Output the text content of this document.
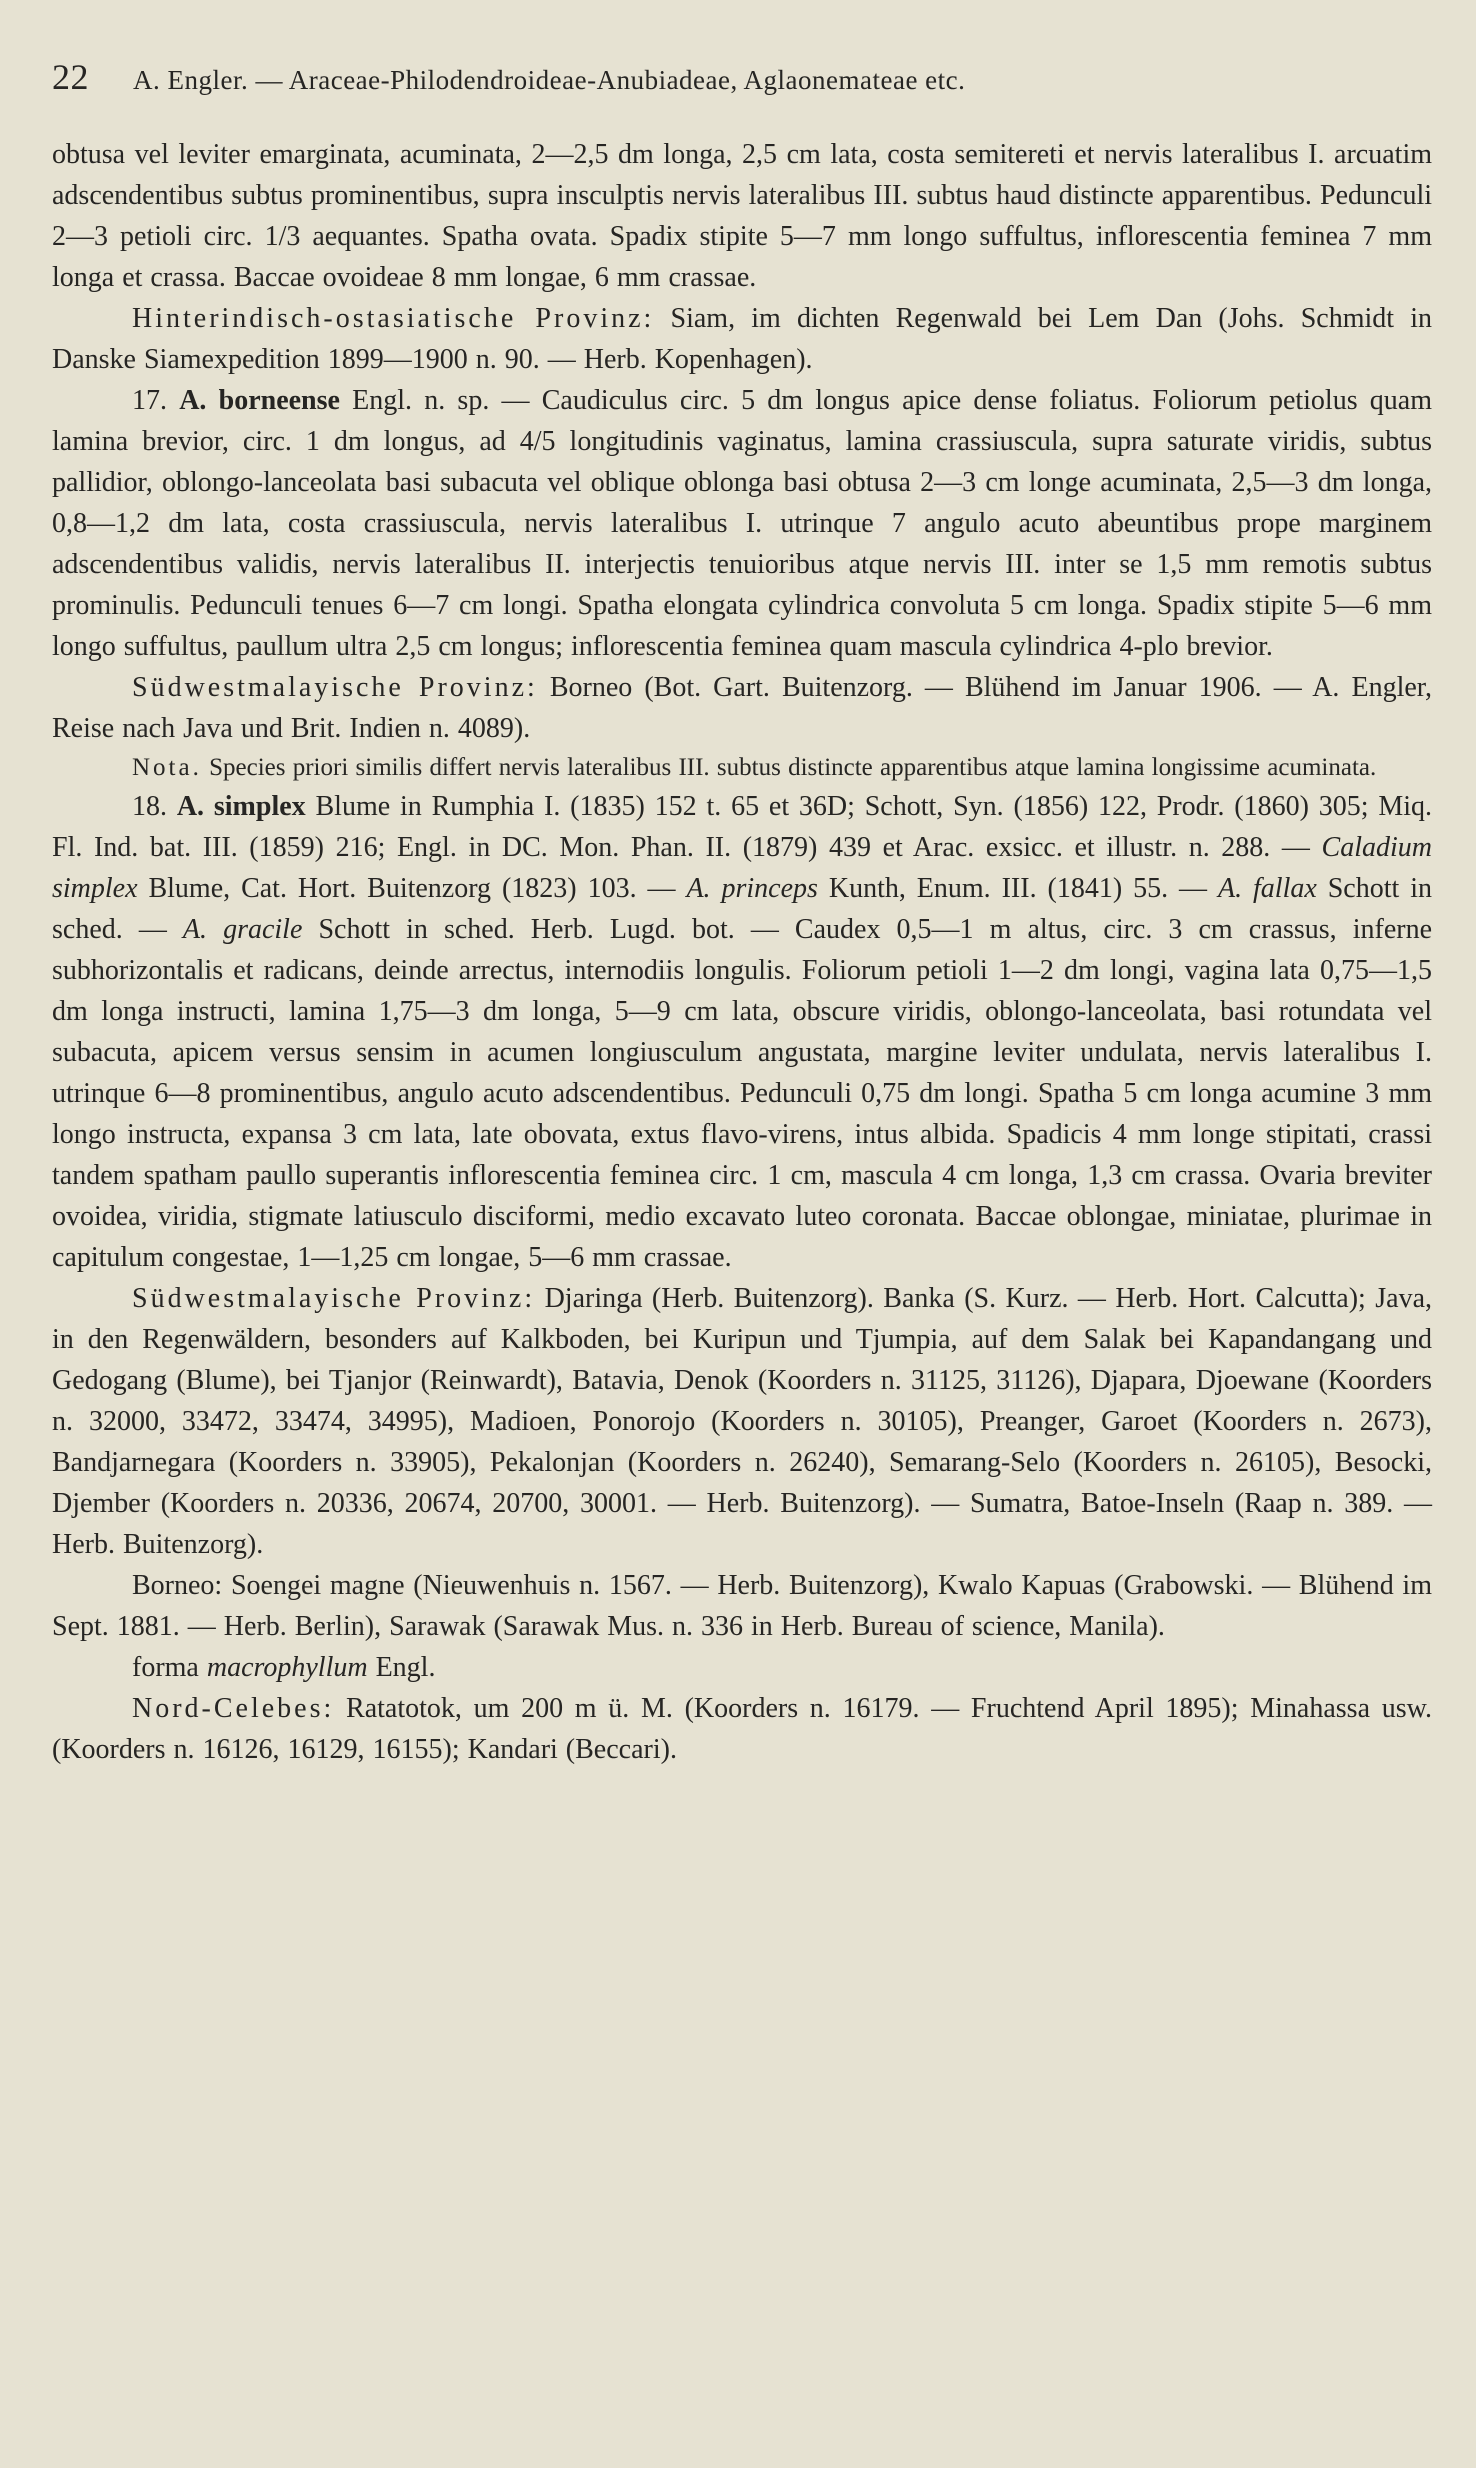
22 A. Engler. — Araceae-Philodendroideae-Anubiadeae, Aglaonemateae etc.

obtusa vel leviter emarginata, acuminata, 2—2,5 dm longa, 2,5 cm lata, costa semitereti et nervis lateralibus I. arcuatim adscendentibus subtus prominentibus, supra insculptis nervis lateralibus III. subtus haud distincte apparentibus. Pedunculi 2—3 petioli circ. 1/3 aequantes. Spatha ovata. Spadix stipite 5—7 mm longo suffultus, inflorescentia feminea 7 mm longa et crassa. Baccae ovoideae 8 mm longae, 6 mm crassae.

Hinterindisch-ostasiatische Provinz: Siam, im dichten Regenwald bei Lem Dan (Johs. Schmidt in Danske Siamexpedition 1899—1900 n. 90. — Herb. Kopenhagen).

17. A. borneense Engl. n. sp. — Caudiculus circ. 5 dm longus apice dense foliatus. Foliorum petiolus quam lamina brevior, circ. 1 dm longus, ad 4/5 longitudinis vaginatus, lamina crassiuscula, supra saturate viridis, subtus pallidior, oblongo-lanceolata basi subacuta vel oblique oblonga basi obtusa 2—3 cm longe acuminata, 2,5—3 dm longa, 0,8—1,2 dm lata, costa crassiuscula, nervis lateralibus I. utrinque 7 angulo acuto abeuntibus prope marginem adscendentibus validis, nervis lateralibus II. interjectis tenuioribus atque nervis III. inter se 1,5 mm remotis subtus prominulis. Pedunculi tenues 6—7 cm longi. Spatha elongata cylindrica convoluta 5 cm longa. Spadix stipite 5—6 mm longo suffultus, paullum ultra 2,5 cm longus; inflorescentia feminea quam mascula cylindrica 4-plo brevior.

Südwestmalayische Provinz: Borneo (Bot. Gart. Buitenzorg. — Blühend im Januar 1906. — A. Engler, Reise nach Java und Brit. Indien n. 4089).

Nota. Species priori similis differt nervis lateralibus III. subtus distincte apparentibus atque lamina longissime acuminata.

18. A. simplex Blume in Rumphia I. (1835) 152 t. 65 et 36D; Schott, Syn. (1856) 122, Prodr. (1860) 305; Miq. Fl. Ind. bat. III. (1859) 216; Engl. in DC. Mon. Phan. II. (1879) 439 et Arac. exsicc. et illustr. n. 288. — Caladium simplex Blume, Cat. Hort. Buitenzorg (1823) 103. — A. princeps Kunth, Enum. III. (1841) 55. — A. fallax Schott in sched. — A. gracile Schott in sched. Herb. Lugd. bot. — Caudex 0,5—1 m altus, circ. 3 cm crassus, inferne subhorizontalis et radicans, deinde arrectus, internodiis longulis. Foliorum petioli 1—2 dm longi, vagina lata 0,75—1,5 dm longa instructi, lamina 1,75—3 dm longa, 5—9 cm lata, obscure viridis, oblongo-lanceolata, basi rotundata vel subacuta, apicem versus sensim in acumen longiusculum angustata, margine leviter undulata, nervis lateralibus I. utrinque 6—8 prominentibus, angulo acuto adscendentibus. Pedunculi 0,75 dm longi. Spatha 5 cm longa acumine 3 mm longo instructa, expansa 3 cm lata, late obovata, extus flavo-virens, intus albida. Spadicis 4 mm longe stipitati, crassi tandem spatham paullo superantis inflorescentia feminea circ. 1 cm, mascula 4 cm longa, 1,3 cm crassa. Ovaria breviter ovoidea, viridia, stigmate latiusculo disciformi, medio excavato luteo coronata. Baccae oblongae, miniatae, plurimae in capitulum congestae, 1—1,25 cm longae, 5—6 mm crassae.

Südwestmalayische Provinz: Djaringa (Herb. Buitenzorg). Banka (S. Kurz. — Herb. Hort. Calcutta); Java, in den Regenwäldern, besonders auf Kalkboden, bei Kuripun und Tjumpia, auf dem Salak bei Kapandangang und Gedogang (Blume), bei Tjanjor (Reinwardt), Batavia, Denok (Koorders n. 31125, 31126), Djapara, Djoewane (Koorders n. 32000, 33472, 33474, 34995), Madioen, Ponorojo (Koorders n. 30105), Preanger, Garoet (Koorders n. 2673), Bandjarnegara (Koorders n. 33905), Pekalonjan (Koorders n. 26240), Semarang-Selo (Koorders n. 26105), Besocki, Djember (Koorders n. 20336, 20674, 20700, 30001. — Herb. Buitenzorg). — Sumatra, Batoe-Inseln (Raap n. 389. — Herb. Buitenzorg).

Borneo: Soengei magne (Nieuwenhuis n. 1567. — Herb. Buitenzorg), Kwalo Kapuas (Grabowski. — Blühend im Sept. 1881. — Herb. Berlin), Sarawak (Sarawak Mus. n. 336 in Herb. Bureau of science, Manila).

forma macrophyllum Engl.

Nord-Celebes: Ratatotok, um 200 m ü. M. (Koorders n. 16179. — Fruchtend April 1895); Minahassa usw. (Koorders n. 16126, 16129, 16155); Kandari (Beccari).
